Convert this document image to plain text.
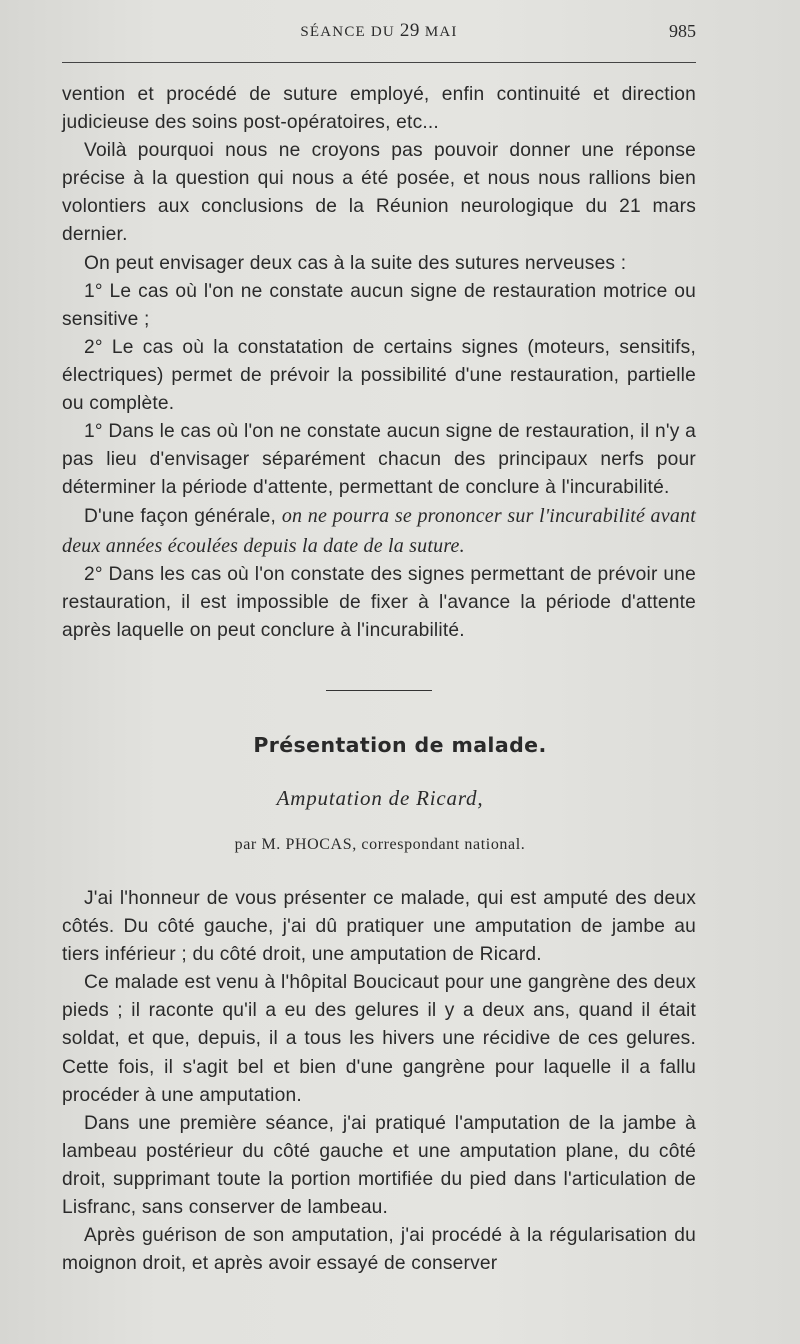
SÉANCE DU 29 MAI	985

vention et procédé de suture employé, enfin continuité et direction judicieuse des soins post-opératoires, etc...

Voilà pourquoi nous ne croyons pas pouvoir donner une réponse précise à la question qui nous a été posée, et nous nous rallions bien volontiers aux conclusions de la Réunion neurologique du 21 mars dernier.

On peut envisager deux cas à la suite des sutures nerveuses :

1° Le cas où l'on ne constate aucun signe de restauration motrice ou sensitive ;

2° Le cas où la constatation de certains signes (moteurs, sensitifs, électriques) permet de prévoir la possibilité d'une restauration, partielle ou complète.

1° Dans le cas où l'on ne constate aucun signe de restauration, il n'y a pas lieu d'envisager séparément chacun des principaux nerfs pour déterminer la période d'attente, permettant de conclure à l'incurabilité.

D'une façon générale, on ne pourra se prononcer sur l'incurabilité avant deux années écoulées depuis la date de la suture.

2° Dans les cas où l'on constate des signes permettant de prévoir une restauration, il est impossible de fixer à l'avance la période d'attente après laquelle on peut conclure à l'incurabilité.

Présentation de malade.
Amputation de Ricard,
par M. PHOCAS, correspondant national.

J'ai l'honneur de vous présenter ce malade, qui est amputé des deux côtés. Du côté gauche, j'ai dû pratiquer une amputation de jambe au tiers inférieur ; du côté droit, une amputation de Ricard.

Ce malade est venu à l'hôpital Boucicaut pour une gangrène des deux pieds ; il raconte qu'il a eu des gelures il y a deux ans, quand il était soldat, et que, depuis, il a tous les hivers une récidive de ces gelures. Cette fois, il s'agit bel et bien d'une gangrène pour laquelle il a fallu procéder à une amputation.

Dans une première séance, j'ai pratiqué l'amputation de la jambe à lambeau postérieur du côté gauche et une amputation plane, du côté droit, supprimant toute la portion mortifiée du pied dans l'articulation de Lisfranc, sans conserver de lambeau.

Après guérison de son amputation, j'ai procédé à la régularisation du moignon droit, et après avoir essayé de conserver
